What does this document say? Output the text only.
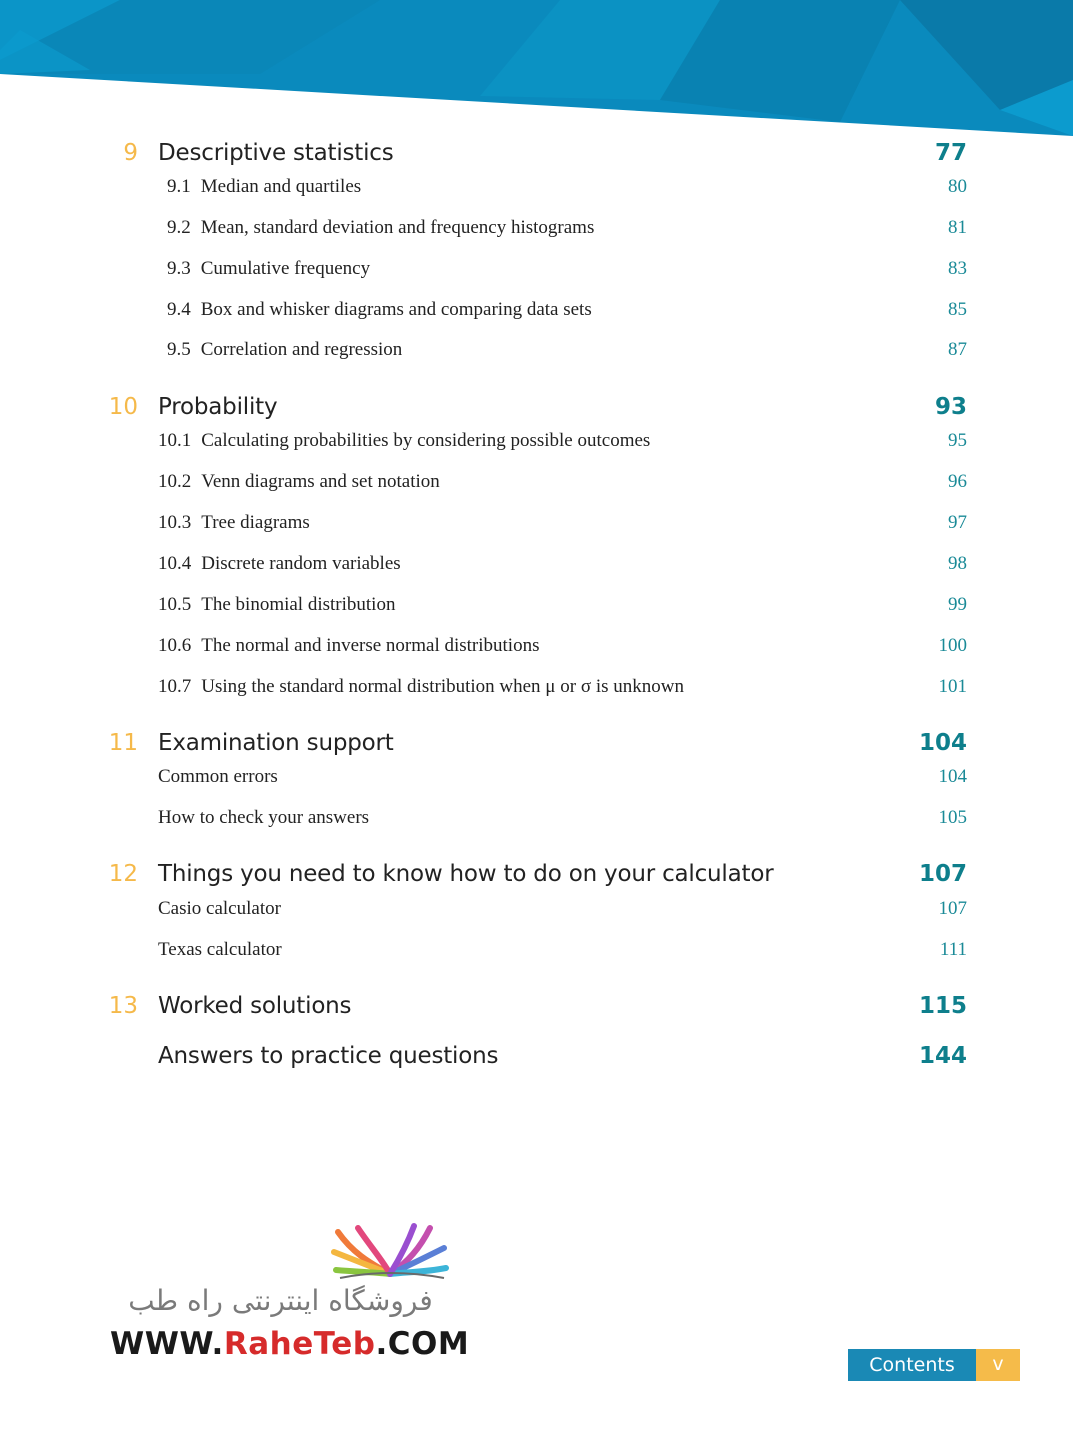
9 Descriptive statistics	77
9.1 Median and quartiles	80
9.2 Mean, standard deviation and frequency histograms	81
9.3 Cumulative frequency	83
9.4 Box and whisker diagrams and comparing data sets	85
9.5 Correlation and regression	87
10 Probability	93
10.1 Calculating probabilities by considering possible outcomes	95
10.2 Venn diagrams and set notation	96
10.3 Tree diagrams	97
10.4 Discrete random variables	98
10.5 The binomial distribution	99
10.6 The normal and inverse normal distributions	100
10.7 Using the standard normal distribution when μ or σ is unknown	101
11 Examination support	104
Common errors	104
How to check your answers	105
12 Things you need to know how to do on your calculator	107
Casio calculator	107
Texas calculator	111
13 Worked solutions	115
Answers to practice questions	144
فروشگاه اینترنتی راه طب
WWW.RaheTeb.COM
Contents	v
